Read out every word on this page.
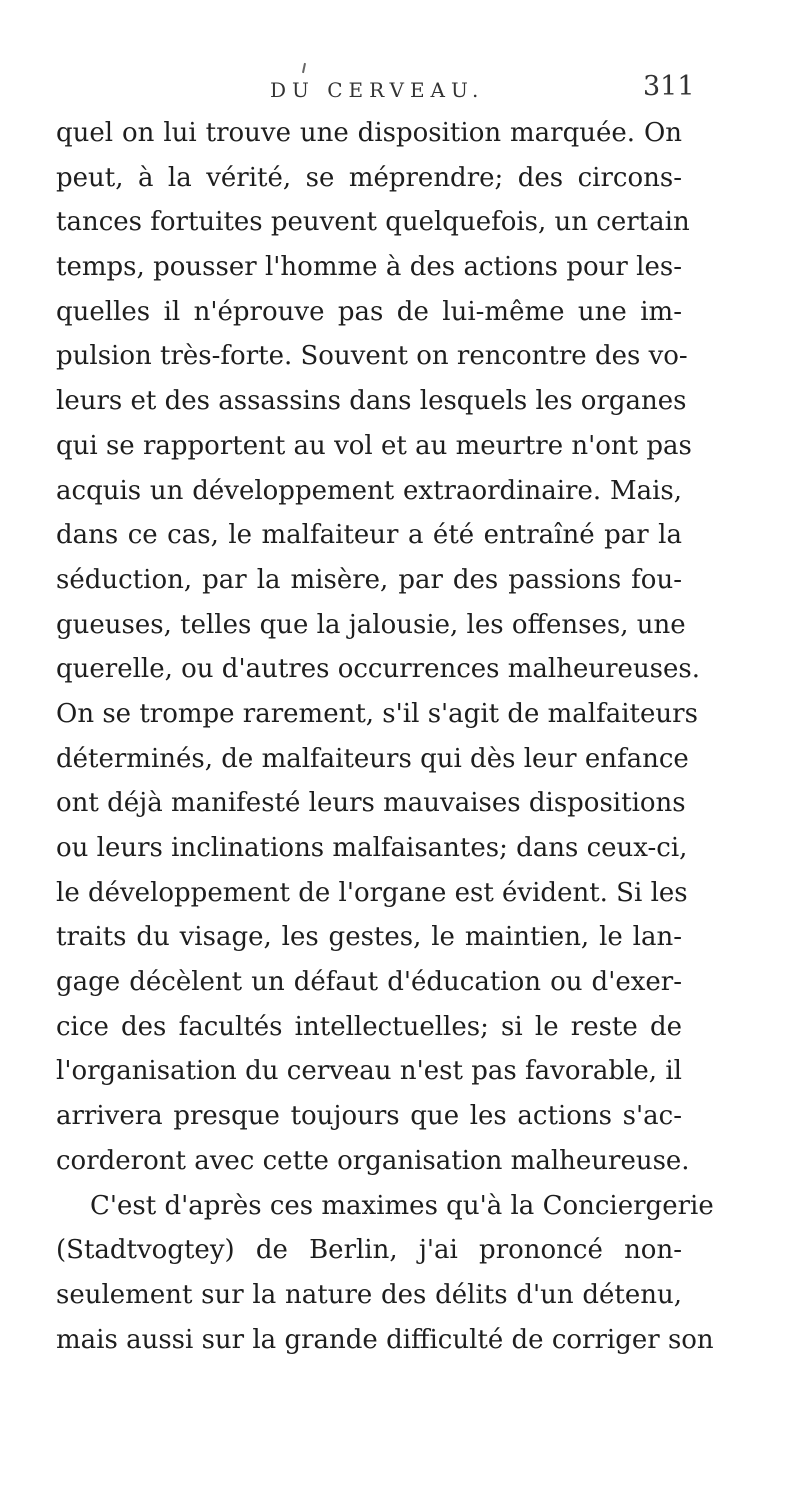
DU CERVEAU.	311
quel on lui trouve une disposition marquée. On
peut, à la vérité, se méprendre; des circons-
tances fortuites peuvent quelquefois, un certain
temps, pousser l'homme à des actions pour les-
quelles il n'éprouve pas de lui-même une im-
pulsion très-forte. Souvent on rencontre des vo-
leurs et des assassins dans lesquels les organes
qui se rapportent au vol et au meurtre n'ont pas
acquis un développement extraordinaire. Mais,
dans ce cas, le malfaiteur a été entraîné par la
séduction, par la misère, par des passions fou-
gueuses, telles que la jalousie, les offenses, une
querelle, ou d'autres occurrences malheureuses.
On se trompe rarement, s'il s'agit de malfaiteurs
déterminés, de malfaiteurs qui dès leur enfance
ont déjà manifesté leurs mauvaises dispositions
ou leurs inclinations malfaisantes; dans ceux-ci,
le développement de l'organe est évident. Si les
traits du visage, les gestes, le maintien, le lan-
gage décèlent un défaut d'éducation ou d'exer-
cice des facultés intellectuelles; si le reste de
l'organisation du cerveau n'est pas favorable, il
arrivera presque toujours que les actions s'ac-
corderont avec cette organisation malheureuse.
C'est d'après ces maximes qu'à la Conciergerie
(Stadtvogtey) de Berlin, j'ai prononcé non-
seulement sur la nature des délits d'un détenu,
mais aussi sur la grande difficulté de corriger son
